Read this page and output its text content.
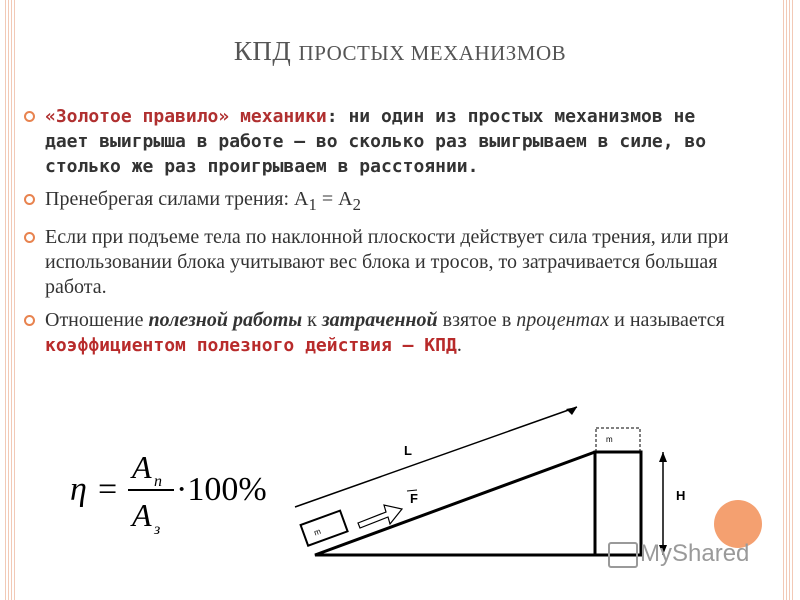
КПД ПРОСТЫХ МЕХАНИЗМОВ
«Золотое правило» механики: ни один из простых механизмов не дает выигрыша в работе – во сколько раз выигрываем в силе, во столько же раз проигрываем в расстоянии.
Пренебрегая силами трения: $А_1 = А_2$
Если при подъеме тела по наклонной плоскости действует сила трения, или при использовании блока учитывают вес блока и тросов, то затрачивается большая работа.
Отношение полезной работы к затраченной взятое в процентах и называется коэффициентом полезного действия – КПД.
η =
A п
A з
·100%
L
m
m
F	H
MyShared
